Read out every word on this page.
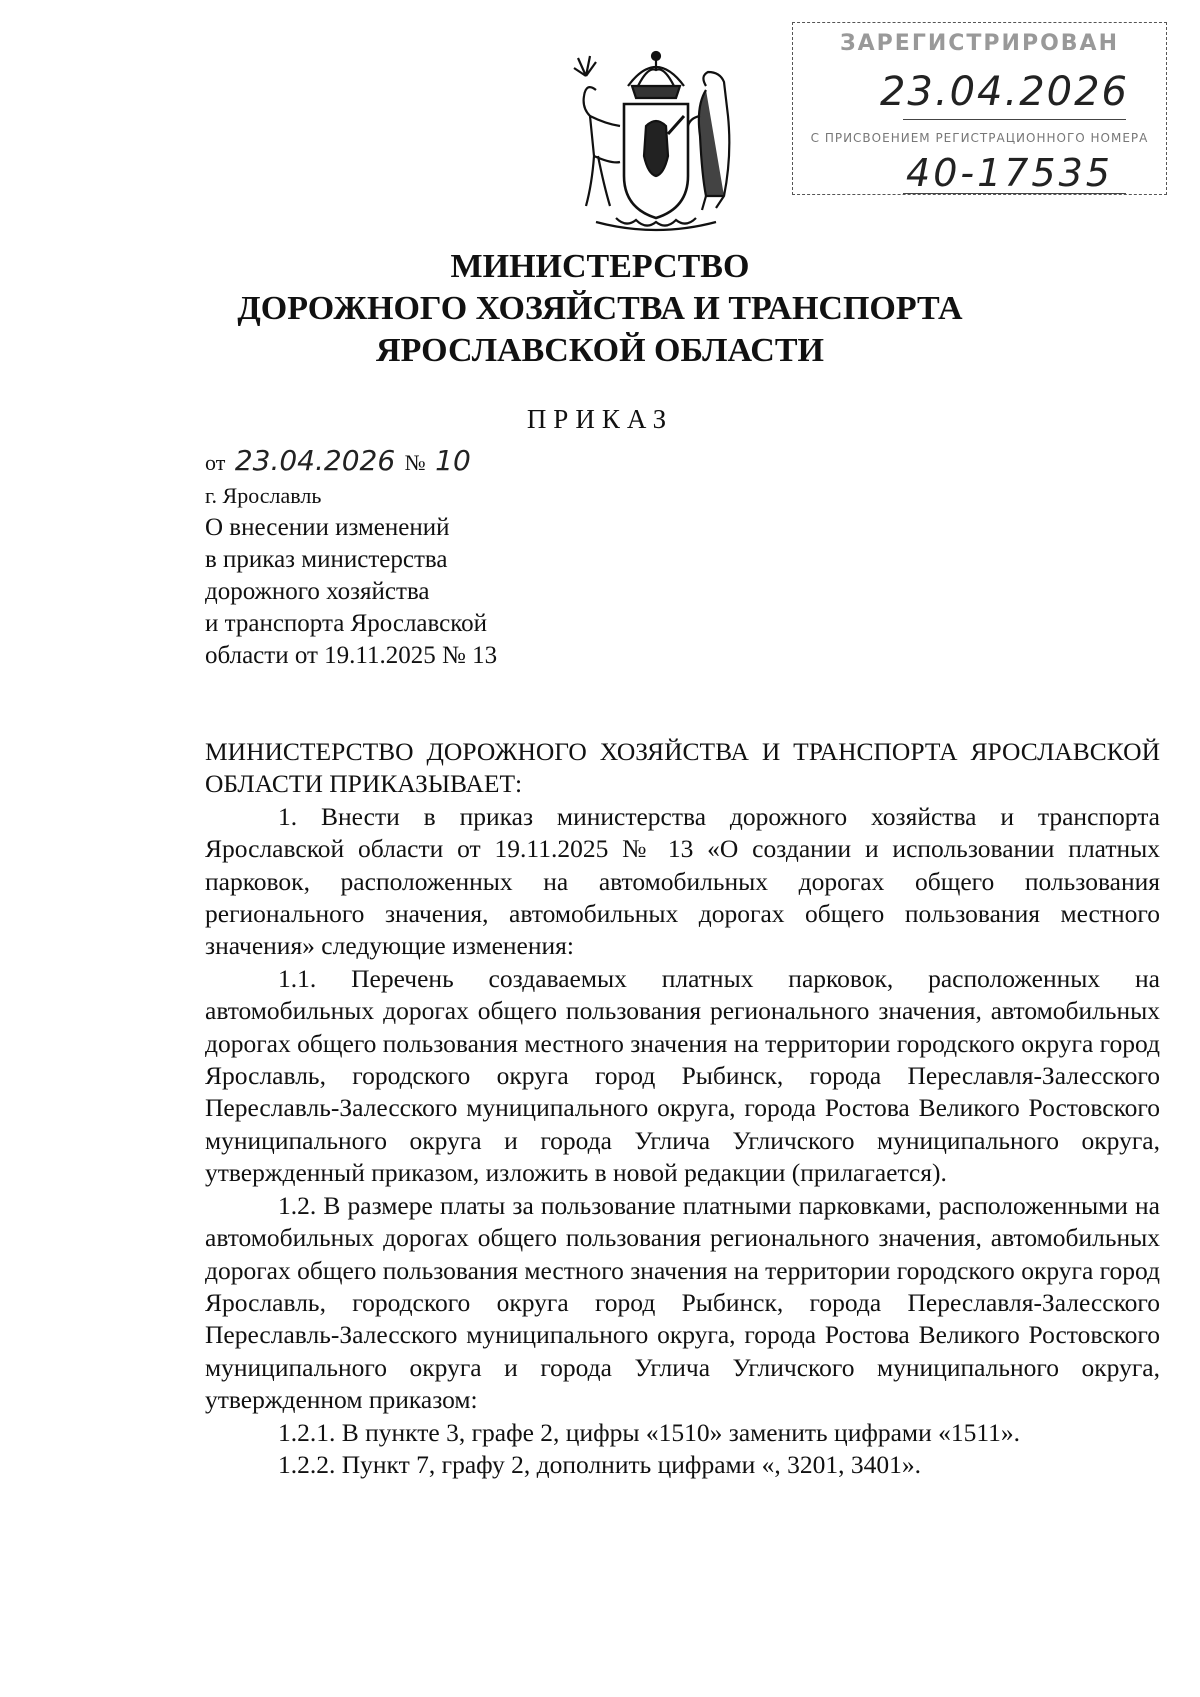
ЗАРЕГИСТРИРОВАН
23.04.2026
С ПРИСВОЕНИЕМ РЕГИСТРАЦИОННОГО НОМЕРА
40-17535
МИНИСТЕРСТВО
ДОРОЖНОГО ХОЗЯЙСТВА И ТРАНСПОРТА
ЯРОСЛАВСКОЙ ОБЛАСТИ
ПРИКАЗ
от 23.04.2026 № 10
г. Ярославль
О внесении изменений
в приказ министерства
дорожного хозяйства
и транспорта Ярославской
области от 19.11.2025 № 13

МИНИСТЕРСТВО ДОРОЖНОГО ХОЗЯЙСТВА И ТРАНСПОРТА ЯРОСЛАВСКОЙ ОБЛАСТИ ПРИКАЗЫВАЕТ:

1. Внести в приказ министерства дорожного хозяйства и транспорта Ярославской области от 19.11.2025 № 13 «О создании и использовании платных парковок, расположенных на автомобильных дорогах общего пользования регионального значения, автомобильных дорогах общего пользования местного значения» следующие изменения:

1.1. Перечень создаваемых платных парковок, расположенных на автомобильных дорогах общего пользования регионального значения, автомобильных дорогах общего пользования местного значения на территории городского округа город Ярославль, городского округа город Рыбинск, города Переславля-Залесского Переславль-Залесского муниципального округа, города Ростова Великого Ростовского муниципального округа и города Углича Угличского муниципального округа, утвержденный приказом, изложить в новой редакции (прилагается).

1.2. В размере платы за пользование платными парковками, расположенными на автомобильных дорогах общего пользования регионального значения, автомобильных дорогах общего пользования местного значения на территории городского округа город Ярославль, городского округа город Рыбинск, города Переславля-Залесского Переславль-Залесского муниципального округа, города Ростова Великого Ростовского муниципального округа и города Углича Угличского муниципального округа, утвержденном приказом:

1.2.1. В пункте 3, графе 2, цифры «1510» заменить цифрами «1511».

1.2.2. Пункт 7, графу 2, дополнить цифрами «, 3201, 3401».
